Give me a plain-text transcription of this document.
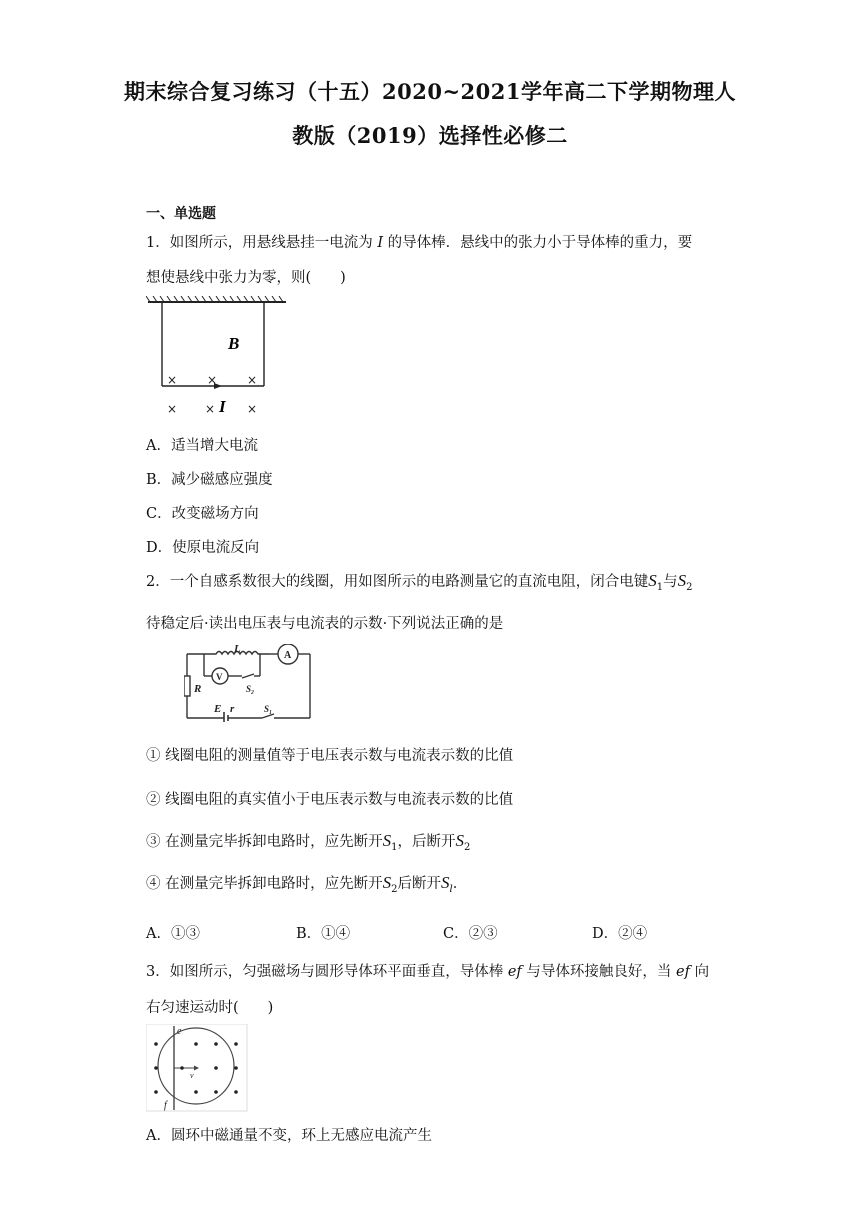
期末综合复习练习（十五）2020~2021学年高二下学期物理人
教版（2019）选择性必修二
一、单选题
1．如图所示，用悬线悬挂一电流为 I 的导体棒．悬线中的张力小于导体棒的重力，要
想使悬线中张力为零，则(　　)
B
× × ×
× ×	×
I
A．适当增大电流
B．减少磁感应强度
C．改变磁场方向
D．使原电流反向
2．一个自感系数很大的线圈，用如图所示的电路测量它的直流电阻，闭合电键$S_1$与$S_2$
待稳定后·读出电压表与电流表的示数·下列说法正确的是
L
A
V
S₂
R
E r	S₁
① 线圈电阻的测量值等于电压表示数与电流表示数的比值
② 线圈电阻的真实值小于电压表示数与电流表示数的比值
③ 在测量完毕拆卸电路时，应先断开$S_1$，后断开$S_2$
④ 在测量完毕拆卸电路时，应先断开$S_2$后断开$S_l$．
A．①③	B．①④	C．②③	D．②④
3．如图所示，匀强磁场与圆形导体环平面垂直，导体棒 ef 与导体环接触良好，当 ef 向
右匀速运动时(　　)
e
f
v
A．圆环中磁通量不变，环上无感应电流产生
